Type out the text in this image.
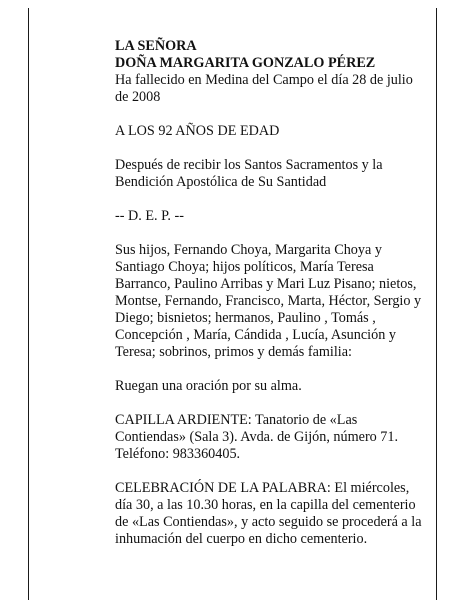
LA SEÑORA
DOÑA MARGARITA GONZALO PÉREZ

Ha fallecido en Medina del Campo el día 28 de julio de 2008

A LOS 92 AÑOS DE EDAD

Después de recibir los Santos Sacramentos y la Bendición Apostólica de Su Santidad

-- D. E. P. --

Sus hijos, Fernando Choya, Margarita Choya y Santiago Choya; hijos políticos, María Teresa Barranco, Paulino Arribas y Mari Luz Pisano; nietos, Montse, Fernando, Francisco, Marta, Héctor, Sergio y Diego; bisnietos; hermanos, Paulino , Tomás , Concepción , María, Cándida , Lucía, Asunción y Teresa; sobrinos, primos y demás familia:

Ruegan una oración por su alma.

CAPILLA ARDIENTE: Tanatorio de «Las Contiendas» (Sala 3). Avda. de Gijón, número 71. Teléfono: 983360405.

CELEBRACIÓN DE LA PALABRA: El miércoles, día 30, a las 10.30 horas, en la capilla del cementerio de «Las Contiendas», y acto seguido se procederá a la inhumación del cuerpo en dicho cementerio.
